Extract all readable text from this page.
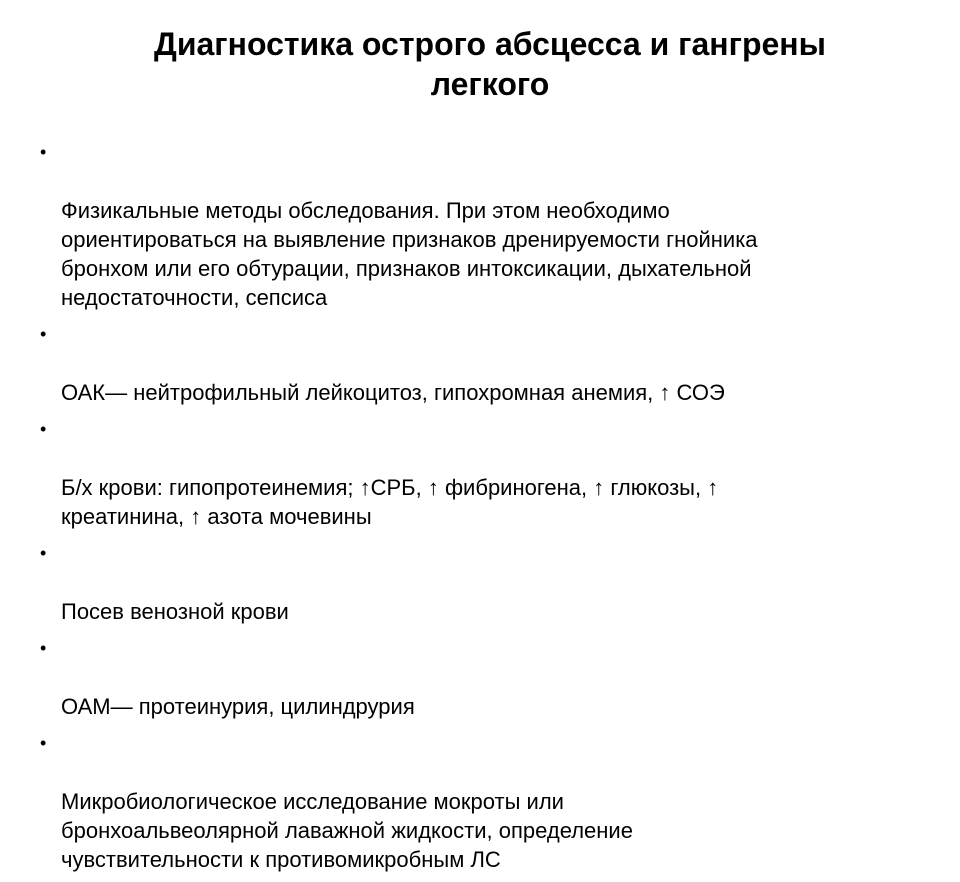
Диагностика острого абсцесса и гангрены
легкого

•

Физикальные методы обследования. При этом необходимо
ориентироваться на выявление признаков дренируемости гнойника
бронхом или его обтурации, признаков интоксикации, дыхательной
недостаточности, сепсиса

•

ОАК— нейтрофильный лейкоцитоз, гипохромная анемия, ↑ СОЭ

•

Б/х крови: гипопротеинемия; ↑СРБ, ↑ фибриногена, ↑ глюкозы, ↑
креатинина, ↑ азота мочевины

•

Посев венозной крови

•

ОАМ— протеинурия, цилиндрурия

•

Микробиологическое исследование мокроты или
бронхоальвеолярной лаважной жидкости, определение
чувствительности к противомикробным ЛС
